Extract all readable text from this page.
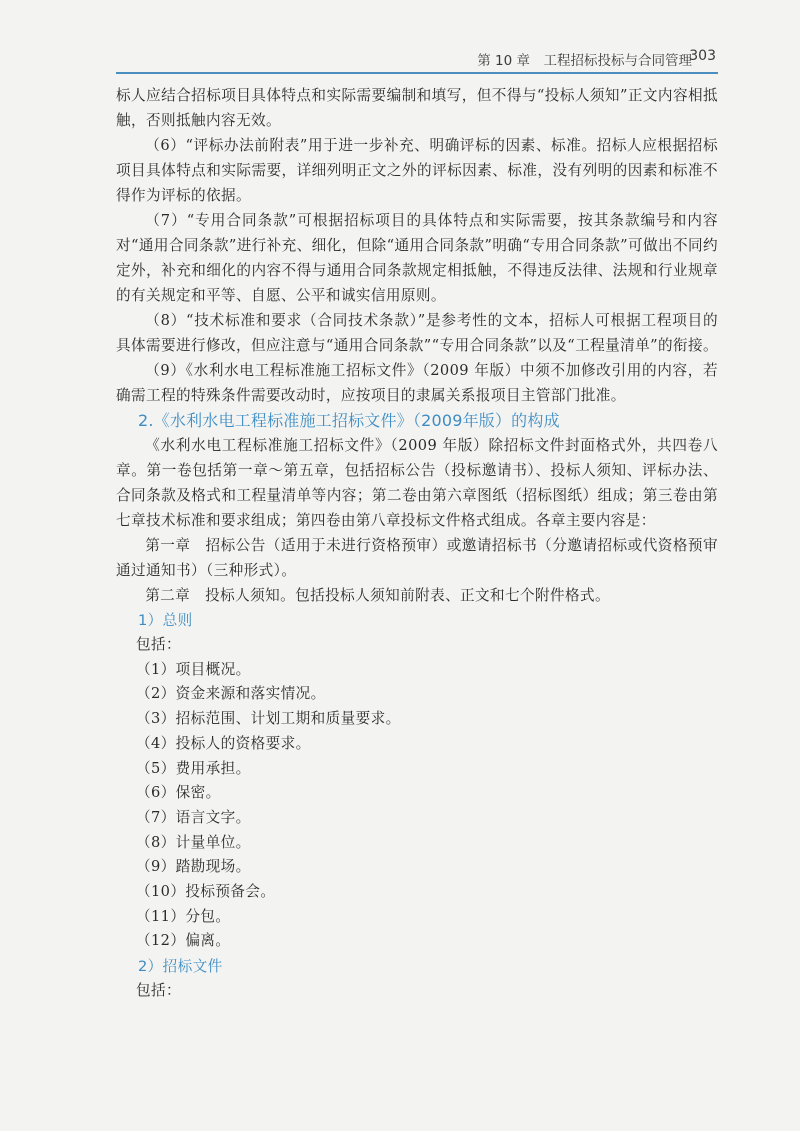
第 10 章　工程招标投标与合同管理
303

标人应结合招标项目具体特点和实际需要编制和填写，但不得与“投标人须知”正文内容相抵触，否则抵触内容无效。

（6）“评标办法前附表”用于进一步补充、明确评标的因素、标准。招标人应根据招标项目具体特点和实际需要，详细列明正文之外的评标因素、标准，没有列明的因素和标准不得作为评标的依据。

（7）“专用合同条款”可根据招标项目的具体特点和实际需要，按其条款编号和内容对“通用合同条款”进行补充、细化，但除“通用合同条款”明确“专用合同条款”可做出不同约定外，补充和细化的内容不得与通用合同条款规定相抵触，不得违反法律、法规和行业规章的有关规定和平等、自愿、公平和诚实信用原则。

（8）“技术标准和要求（合同技术条款）”是参考性的文本，招标人可根据工程项目的具体需要进行修改，但应注意与“通用合同条款”“专用合同条款”以及“工程量清单”的衔接。

（9）《水利水电工程标准施工招标文件》（2009 年版）中须不加修改引用的内容，若确需工程的特殊条件需要改动时，应按项目的隶属关系报项目主管部门批准。

2.《水利水电工程标准施工招标文件》（2009年版）的构成

《水利水电工程标准施工招标文件》（2009 年版）除招标文件封面格式外，共四卷八章。第一卷包括第一章～第五章，包括招标公告（投标邀请书）、投标人须知、评标办法、合同条款及格式和工程量清单等内容；第二卷由第六章图纸（招标图纸）组成；第三卷由第七章技术标准和要求组成；第四卷由第八章投标文件格式组成。各章主要内容是：

第一章　招标公告（适用于未进行资格预审）或邀请招标书（分邀请招标或代资格预审通过通知书）（三种形式）。

第二章　投标人须知。包括投标人须知前附表、正文和七个附件格式。

1）总则

包括：

（1）项目概况。

（2）资金来源和落实情况。

（3）招标范围、计划工期和质量要求。

（4）投标人的资格要求。

（5）费用承担。

（6）保密。

（7）语言文字。

（8）计量单位。

（9）踏勘现场。

（10）投标预备会。

（11）分包。

（12）偏离。

2）招标文件

包括：
